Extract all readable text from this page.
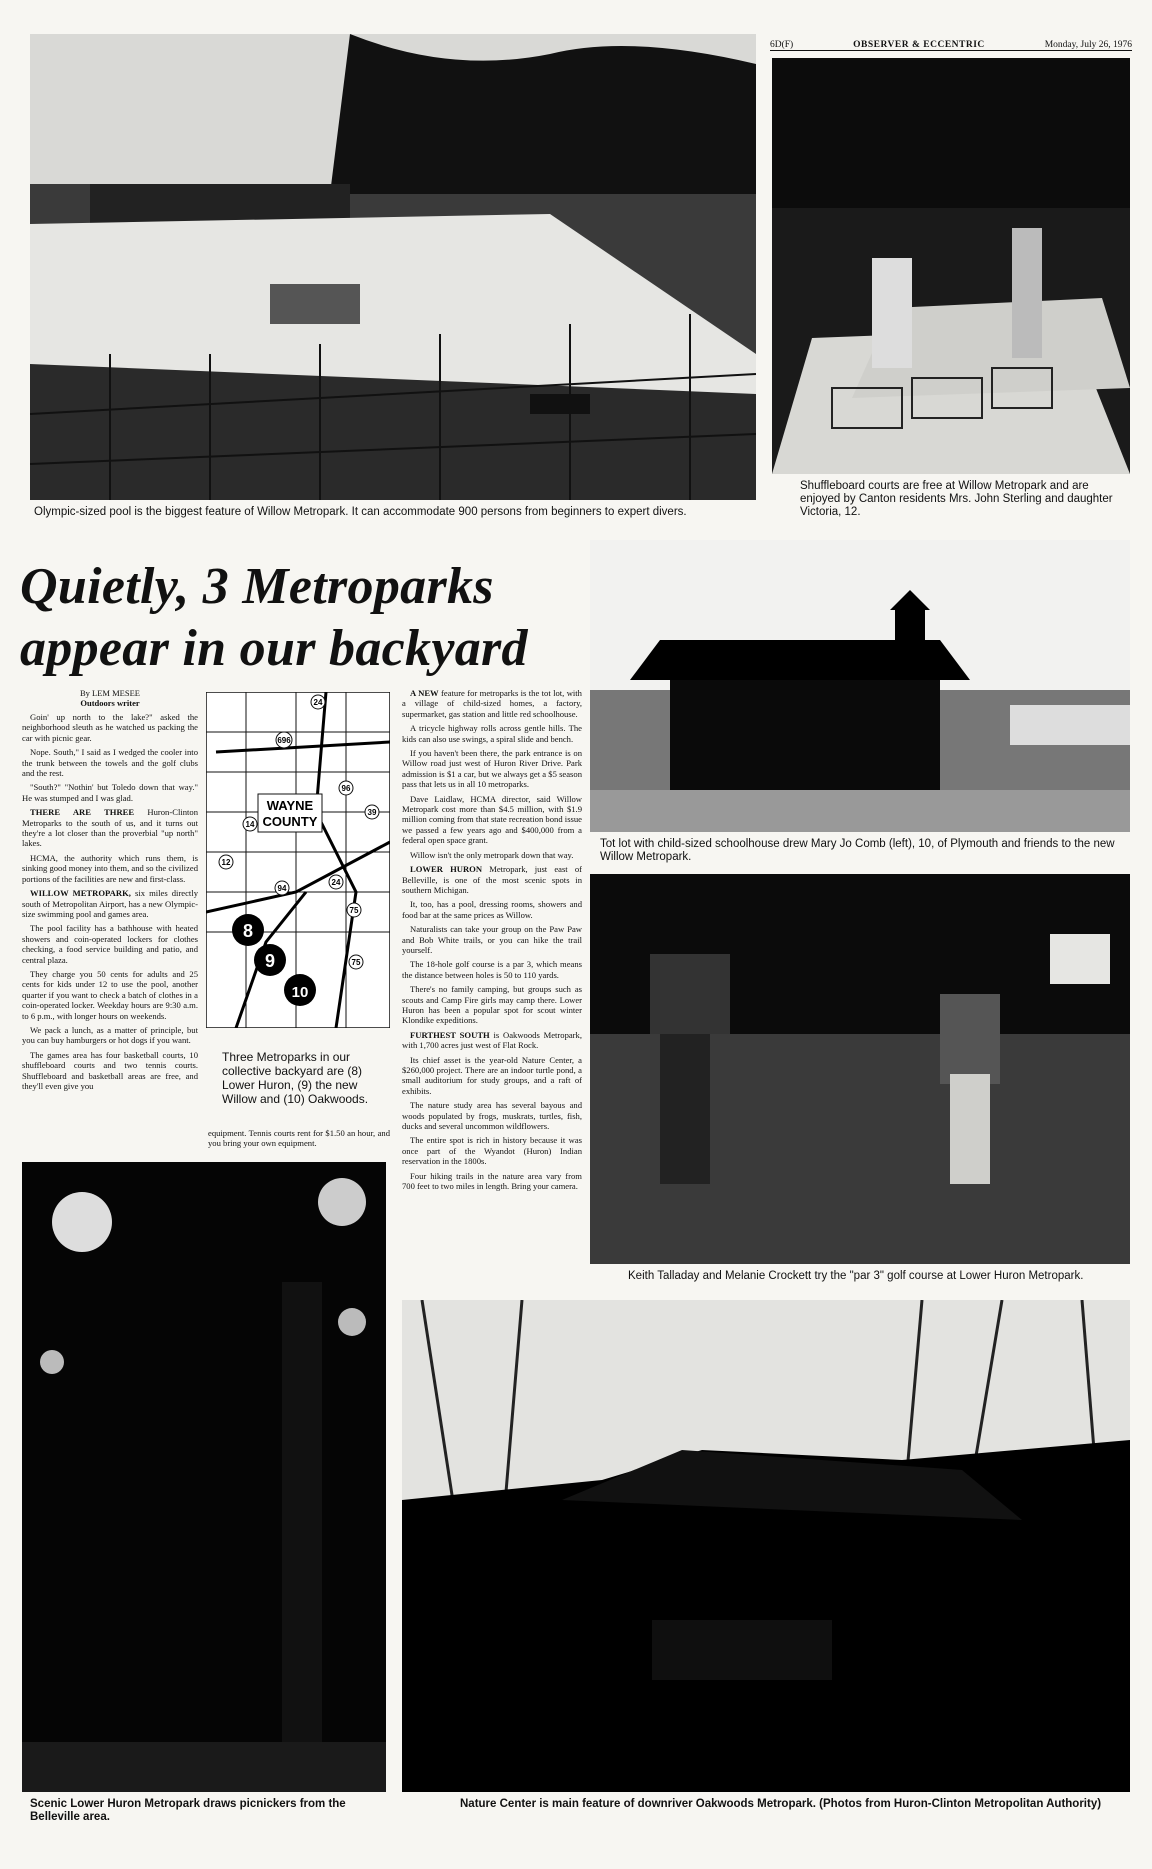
6D(F)	OBSERVER & ECCENTRIC	Monday, July 26, 1976
Olympic-sized pool is the biggest feature of Willow Metropark. It can accommodate 900 persons from beginners to expert divers.
Shuffleboard courts are free at Willow Metropark and are enjoyed by Canton residents Mrs. John Sterling and daughter Victoria, 12.
Quietly, 3 Metroparks
appear in our backyard
Tot lot with child-sized schoolhouse drew Mary Jo Comb (left), 10, of Plymouth and friends to the new Willow Metropark.
Keith Talladay and Melanie Crockett try the "par 3" golf course at Lower Huron Metropark.

By LEM MESEE
Outdoors writer

Goin' up north to the lake?" asked the neighborhood sleuth as he watched us packing the car with picnic gear.

Nope. South," I said as I wedged the cooler into the trunk between the towels and the golf clubs and the rest.

"South?" "Nothin' but Toledo down that way." He was stumped and I was glad.

THERE ARE THREE Huron-Clinton Metroparks to the south of us, and it turns out they're a lot closer than the proverbial "up north" lakes.

HCMA, the authority which runs them, is sinking good money into them, and so the civilized portions of the facilities are new and first-class.

WILLOW METROPARK, six miles directly south of Metropolitan Airport, has a new Olympic-size swimming pool and games area.

The pool facility has a bathhouse with heated showers and coin-operated lockers for clothes checking, a food service building and patio, and central plaza.

They charge you 50 cents for adults and 25 cents for kids under 12 to use the pool, another quarter if you want to check a batch of clothes in a coin-operated locker. Weekday hours are 9:30 a.m. to 6 p.m., with longer hours on weekends.

We pack a lunch, as a matter of principle, but you can buy hamburgers or hot dogs if you want.

The games area has four basketball courts, 10 shuffleboard courts and two tennis courts. Shuffleboard and basketball areas are free, and they'll even give you

WAYNE
COUNTY
24
696
96
39
14
12
94
24
75
75
8
9
10
Three Metroparks in our collective backyard are (8) Lower Huron, (9) the new Willow and (10) Oakwoods.
equipment. Tennis courts rent for $1.50 an hour, and you bring your own equipment.

A NEW feature for metroparks is the tot lot, with a village of child-sized homes, a factory, supermarket, gas station and little red schoolhouse.

A tricycle highway rolls across gentle hills. The kids can also use swings, a spiral slide and bench.

If you haven't been there, the park entrance is on Willow road just west of Huron River Drive. Park admission is $1 a car, but we always get a $5 season pass that lets us in all 10 metroparks.

Dave Laidlaw, HCMA director, said Willow Metropark cost more than $4.5 million, with $1.9 million coming from that state recreation bond issue we passed a few years ago and $400,000 from a federal open space grant.

Willow isn't the only metropark down that way.

LOWER HURON Metropark, just east of Belleville, is one of the most scenic spots in southern Michigan.

It, too, has a pool, dressing rooms, showers and food bar at the same prices as Willow.

Naturalists can take your group on the Paw Paw and Bob White trails, or you can hike the trail yourself.

The 18-hole golf course is a par 3, which means the distance between holes is 50 to 110 yards.

There's no family camping, but groups such as scouts and Camp Fire girls may camp there. Lower Huron has been a popular spot for scout winter Klondike expeditions.

FURTHEST SOUTH is Oakwoods Metropark, with 1,700 acres just west of Flat Rock.

Its chief asset is the year-old Nature Center, a $260,000 project. There are an indoor turtle pond, a small auditorium for study groups, and a raft of exhibits.

The nature study area has several bayous and woods populated by frogs, muskrats, turtles, fish, ducks and several uncommon wildflowers.

The entire spot is rich in history because it was once part of the Wyandot (Huron) Indian reservation in the 1800s.

Four hiking trails in the nature area vary from 700 feet to two miles in length. Bring your camera.

Scenic Lower Huron Metropark draws picnickers from the Belleville area.
Nature Center is main feature of downriver Oakwoods Metropark. (Photos from Huron-Clinton Metropolitan Authority)
